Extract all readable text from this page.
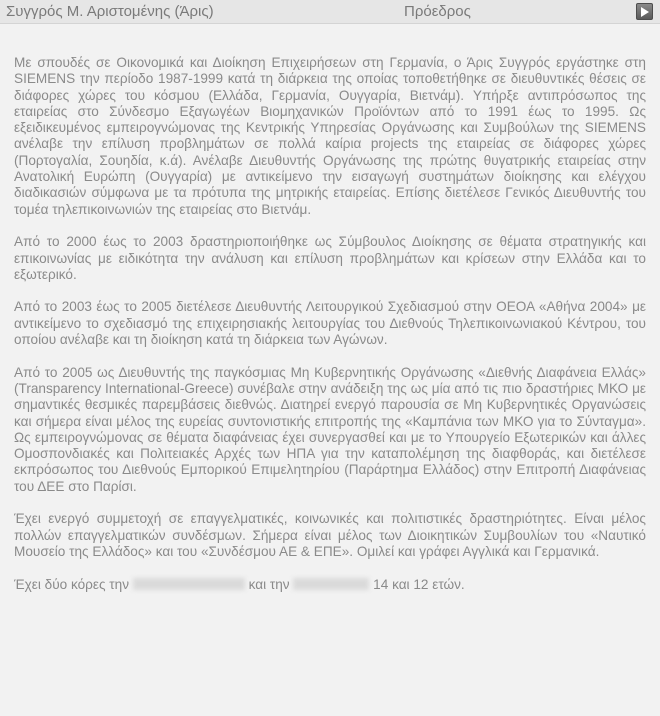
Συγγρός Μ. Αριστομένης (Άρις)	Πρόεδρος

Με σπουδές σε Οικονομικά και Διοίκηση Επιχειρήσεων στη Γερμανία, ο Άρις Συγγρός εργάστηκε στη SIEMENS την περίοδο 1987-1999 κατά τη διάρκεια της οποίας τοποθετήθηκε σε διευθυντικές θέσεις σε διάφορες χώρες του κόσμου (Ελλάδα, Γερμανία, Ουγγαρία, Βιετνάμ). Υπήρξε αντιπρόσωπος της εταιρείας στο Σύνδεσμο Εξαγωγέων Βιομηχανικών Προϊόντων από το 1991 έως το 1995. Ως εξειδικευμένος εμπειρογνώμονας της Κεντρικής Υπηρεσίας Οργάνωσης και Συμβούλων της SIEMENS ανέλαβε την επίλυση προβλημάτων σε πολλά καίρια projects της εταιρείας σε διάφορες χώρες (Πορτογαλία, Σουηδία, κ.ά). Ανέλαβε Διευθυντής Οργάνωσης της πρώτης θυγατρικής εταιρείας στην Ανατολική Ευρώπη (Ουγγαρία) με αντικείμενο την εισαγωγή συστημάτων διοίκησης και ελέγχου διαδικασιών σύμφωνα με τα πρότυπα της μητρικής εταιρείας. Επίσης διετέλεσε Γενικός Διευθυντής του τομέα τηλεπικοινωνιών της εταιρείας στο Βιετνάμ.

Από το 2000 έως το 2003 δραστηριοποιήθηκε ως Σύμβουλος Διοίκησης σε θέματα στρατηγικής και επικοινωνίας με ειδικότητα την ανάλυση και επίλυση προβλημάτων και κρίσεων στην Ελλάδα και το εξωτερικό.

Από το 2003 έως το 2005 διετέλεσε Διευθυντής Λειτουργικού Σχεδιασμού στην ΟΕΟΑ «Αθήνα 2004» με αντικείμενο το σχεδιασμό της επιχειρησιακής λειτουργίας του Διεθνούς Τηλεπικοινωνιακού Κέντρου, του οποίου ανέλαβε και τη διοίκηση κατά τη διάρκεια των Αγώνων.

Από το 2005 ως Διευθυντής της παγκόσμιας Μη Κυβερνητικής Οργάνωσης «Διεθνής Διαφάνεια Ελλάς» (Transparency International-Greece) συνέβαλε στην ανάδειξη της ως μία από τις πιο δραστήριες ΜΚΟ με σημαντικές θεσμικές παρεμβάσεις διεθνώς. Διατηρεί ενεργό παρουσία σε Μη Κυβερνητικές Οργανώσεις και σήμερα είναι μέλος της ευρείας συντονιστικής επιτροπής της «Καμπάνια των ΜΚΟ για το Σύνταγμα». Ως εμπειρογνώμονας σε θέματα διαφάνειας έχει συνεργασθεί και με το Υπουργείο Εξωτερικών και άλλες Ομοσπονδιακές και Πολιτειακές Αρχές των ΗΠΑ για την καταπολέμηση της διαφθοράς, και διετέλεσε εκπρόσωπος του Διεθνούς Εμπορικού Επιμελητηρίου (Παράρτημα Ελλάδος) στην Επιτροπή Διαφάνειας του ΔΕΕ στο Παρίσι.

Έχει ενεργό συμμετοχή σε επαγγελματικές, κοινωνικές και πολιτιστικές δραστηριότητες. Είναι μέλος πολλών επαγγελματικών συνδέσμων. Σήμερα είναι μέλος των Διοικητικών Συμβουλίων του «Ναυτικό Μουσείο της Ελλάδος» και του «Συνδέσμου ΑΕ & ΕΠΕ». Ομιλεί και γράφει Αγγλικά και Γερμανικά.

Έχει δύο κόρες την	και την	14 και 12 ετών.
